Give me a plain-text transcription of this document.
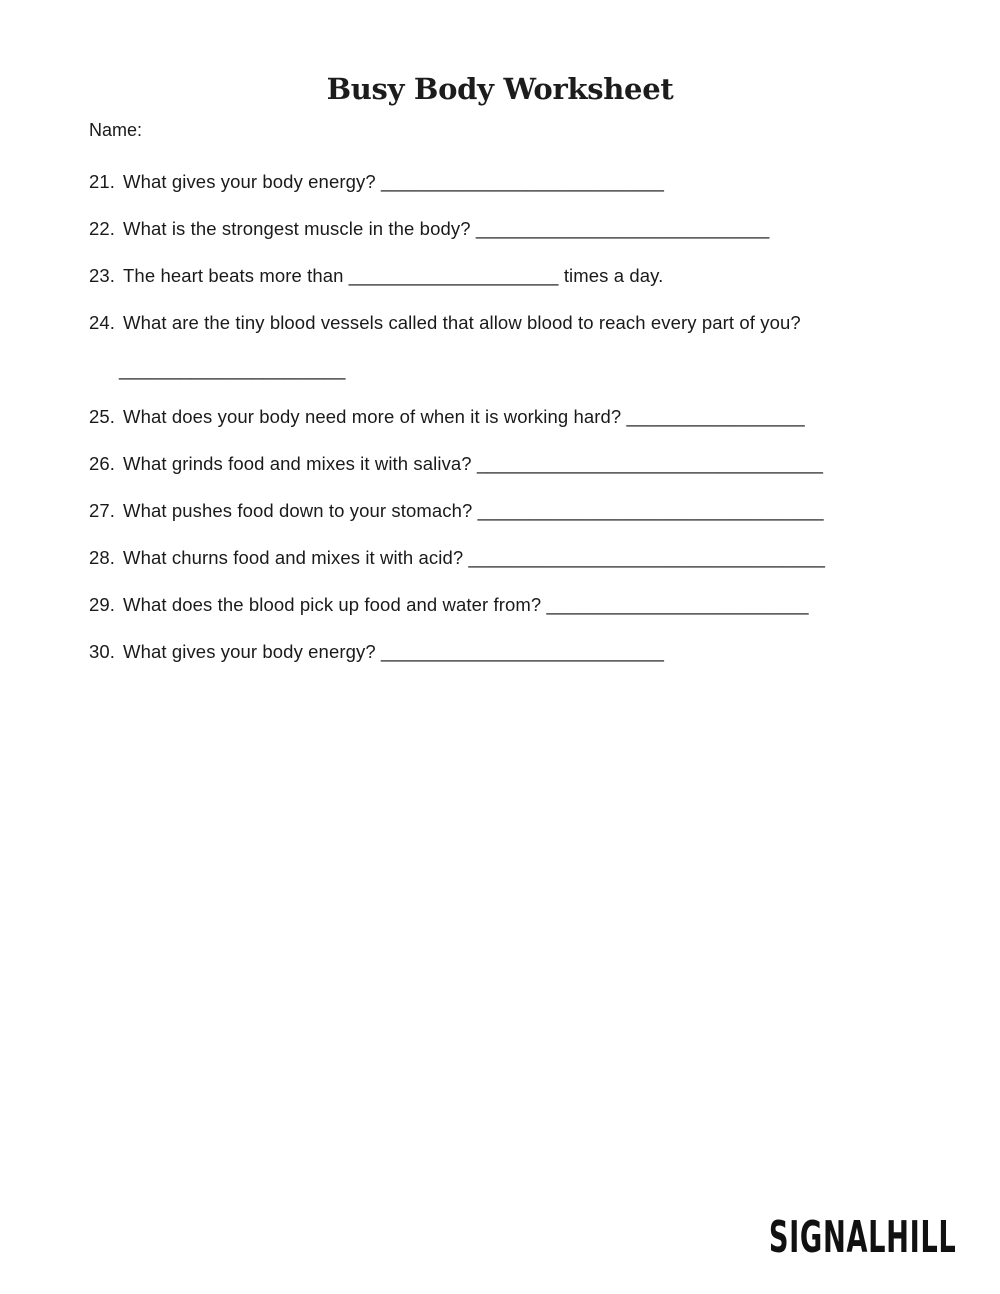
Busy Body Worksheet
Name:
21. What gives your body energy? ___________________________
22. What is the strongest muscle in the body? ____________________________
23. The heart beats more than ____________________ times a day.
24. What are the tiny blood vessels called that allow blood to reach every part of you?
______________________
25. What does your body need more of when it is working hard? _________________
26. What grinds food and mixes it with saliva? _________________________________
27. What pushes food down to your stomach? _________________________________
28. What churns food and mixes it with acid? __________________________________
29. What does the blood pick up food and water from? _________________________
30. What gives your body energy? ___________________________
SIGNALHILL
